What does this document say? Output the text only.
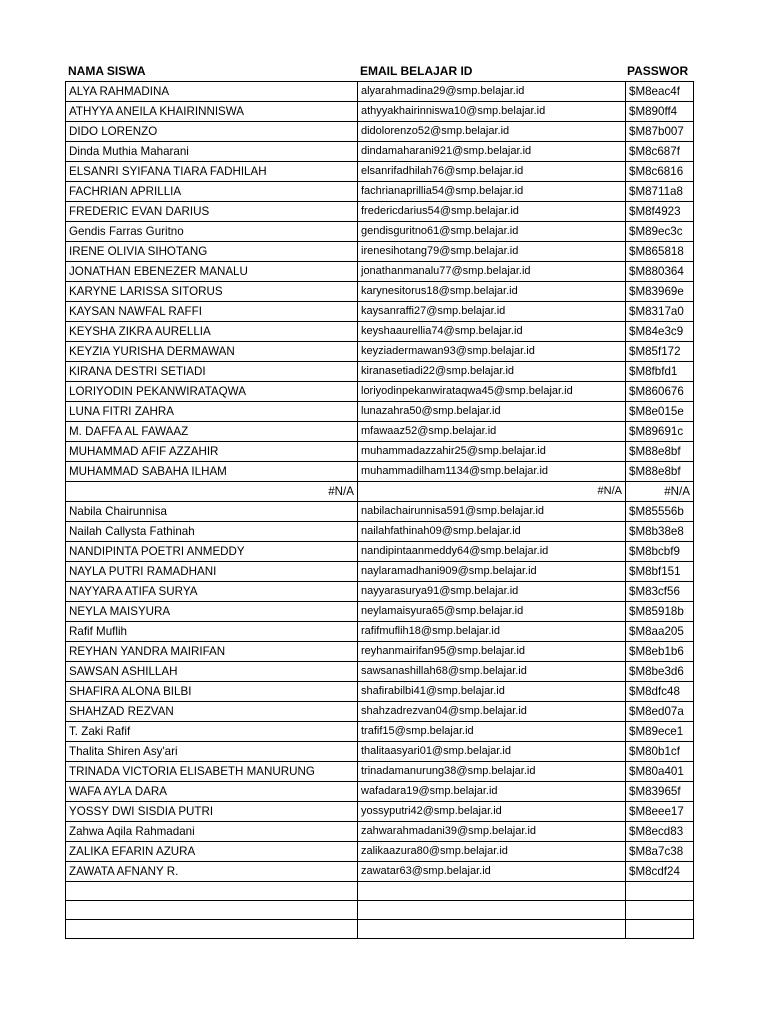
NAMA SISWA	EMAIL BELAJAR ID	PASSWOR
ALYA RAHMADINA	alyarahmadina29@smp.belajar.id	$M8eac4f
ATHYYA ANEILA KHAIRINNISWA	athyyakhairinniswa10@smp.belajar.id	$M890ff4
DIDO LORENZO	didolorenzo52@smp.belajar.id	$M87b007
Dinda Muthia Maharani	dindamaharani921@smp.belajar.id	$M8c687f
ELSANRI SYIFANA TIARA FADHILAH	elsanrifadhilah76@smp.belajar.id	$M8c6816
FACHRIAN APRILLIA	fachrianaprillia54@smp.belajar.id	$M8711a8
FREDERIC EVAN DARIUS	fredericdarius54@smp.belajar.id	$M8f4923
Gendis Farras Guritno	gendisguritno61@smp.belajar.id	$M89ec3c
IRENE OLIVIA SIHOTANG	irenesihotang79@smp.belajar.id	$M865818
JONATHAN EBENEZER MANALU	jonathanmanalu77@smp.belajar.id	$M880364
KARYNE LARISSA SITORUS	karynesitorus18@smp.belajar.id	$M83969e
KAYSAN NAWFAL RAFFI	kaysanraffi27@smp.belajar.id	$M8317a0
KEYSHA ZIKRA AURELLIA	keyshaaurellia74@smp.belajar.id	$M84e3c9
KEYZIA YURISHA DERMAWAN	keyziadermawan93@smp.belajar.id	$M85f172
KIRANA DESTRI SETIADI	kiranasetiadi22@smp.belajar.id	$M8fbfd1
LORIYODIN PEKANWIRATAQWA	loriyodinpekanwirataqwa45@smp.belajar.id	$M860676
LUNA FITRI ZAHRA	lunazahra50@smp.belajar.id	$M8e015e
M. DAFFA AL FAWAAZ	mfawaaz52@smp.belajar.id	$M89691c
MUHAMMAD AFIF AZZAHIR	muhammadazzahir25@smp.belajar.id	$M88e8bf
MUHAMMAD SABAHA ILHAM	muhammadilham1134@smp.belajar.id	$M88e8bf
#N/A	#N/A	#N/A
Nabila Chairunnisa	nabilachairunnisa591@smp.belajar.id	$M85556b
Nailah Callysta Fathinah	nailahfathinah09@smp.belajar.id	$M8b38e8
NANDIPINTA POETRI ANMEDDY	nandipintaanmeddy64@smp.belajar.id	$M8bcbf9
NAYLA PUTRI RAMADHANI	naylaramadhani909@smp.belajar.id	$M8bf151
NAYYARA ATIFA SURYA	nayyarasurya91@smp.belajar.id	$M83cf56
NEYLA MAISYURA	neylamaisyura65@smp.belajar.id	$M85918b
Rafif Muflih	rafifmuflih18@smp.belajar.id	$M8aa205
REYHAN YANDRA MAIRIFAN	reyhanmairifan95@smp.belajar.id	$M8eb1b6
SAWSAN ASHILLAH	sawsanashillah68@smp.belajar.id	$M8be3d6
SHAFIRA ALONA BILBI	shafirabilbi41@smp.belajar.id	$M8dfc48
SHAHZAD REZVAN	shahzadrezvan04@smp.belajar.id	$M8ed07a
T. Zaki Rafif	trafif15@smp.belajar.id	$M89ece1
Thalita Shiren Asy'ari	thalitaasyari01@smp.belajar.id	$M80b1cf
TRINADA VICTORIA ELISABETH MANURUNG	trinadamanurung38@smp.belajar.id	$M80a401
WAFA AYLA DARA	wafadara19@smp.belajar.id	$M83965f
YOSSY DWI SISDIA PUTRI	yossyputri42@smp.belajar.id	$M8eee17
Zahwa Aqila Rahmadani	zahwarahmadani39@smp.belajar.id	$M8ecd83
ZALIKA EFARIN AZURA	zalikaazura80@smp.belajar.id	$M8a7c38
ZAWATA AFNANY R.	zawatar63@smp.belajar.id	$M8cdf24
